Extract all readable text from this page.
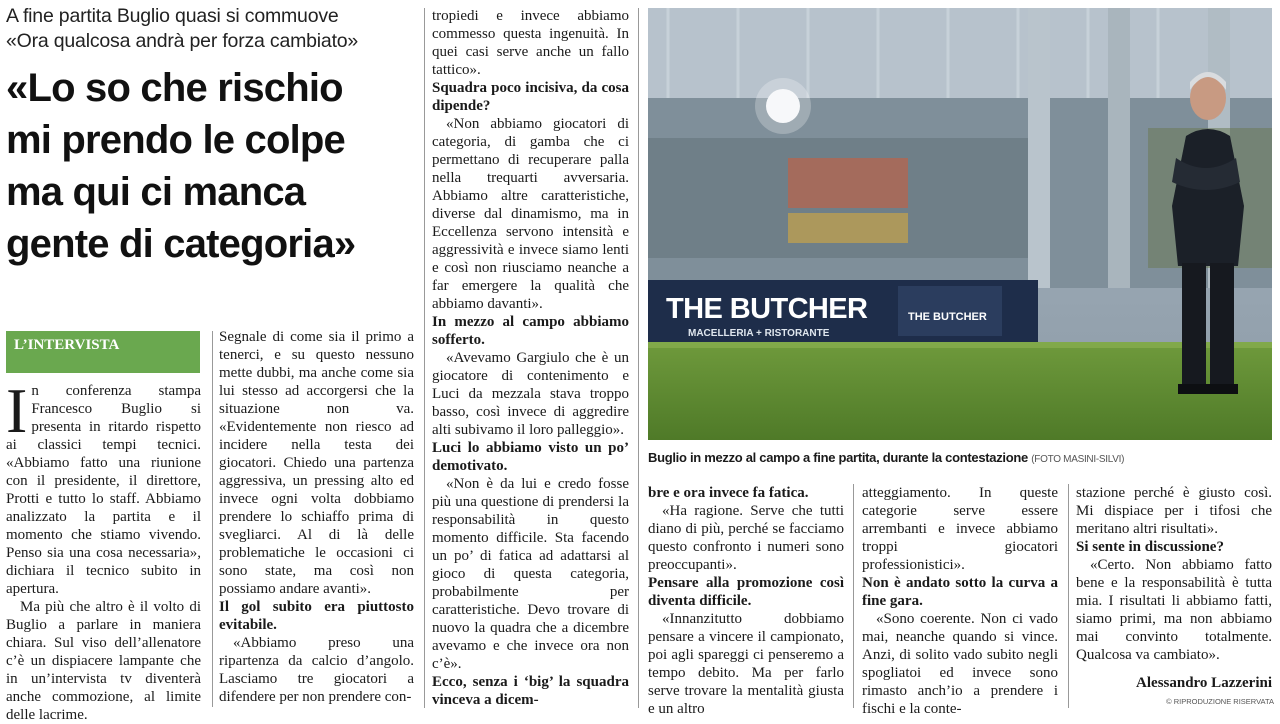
A fine partita Buglio quasi si commuove
«Ora qualcosa andrà per forza cambiato»
«Lo so che rischio
mi prendo le colpe
ma qui ci manca
gente di categoria»
L’INTERVISTA

In conferenza stampa Francesco Buglio si presenta in ritardo rispetto ai classici tempi tecnici. «Abbiamo fatto una riunione con il presidente, il direttore, Protti e tutto lo staff. Abbiamo analizzato la partita e il momento che stiamo vivendo. Penso sia una cosa necessaria», dichiara il tecnico subito in apertura.

Ma più che altro è il volto di Buglio a parlare in maniera chiara. Sul viso dell’allenatore c’è un dispiacere lampante che in un’intervista tv diventerà anche commozione, al limite delle lacrime.

Segnale di come sia il primo a tenerci, e su questo nessuno mette dubbi, ma anche come sia lui stesso ad accorgersi che la situazione non va. «Evidentemente non riesco ad incidere nella testa dei giocatori. Chiedo una partenza aggressiva, un pressing alto ed invece ogni volta dobbiamo prendere lo schiaffo prima di svegliarci. Al di là delle problematiche le occasioni ci sono state, ma così non possiamo andare avanti».

Il gol subito era piuttosto evitabile.

«Abbiamo preso una ripartenza da calcio d’angolo. Lasciamo tre giocatori a difendere per non prendere con-

tropiedi e invece abbiamo commesso questa ingenuità. In quei casi serve anche un fallo tattico».

Squadra poco incisiva, da cosa dipende?

«Non abbiamo giocatori di categoria, di gamba che ci permettano di recuperare palla nella trequarti avversaria. Abbiamo altre caratteristiche, diverse dal dinamismo, ma in Eccellenza servono intensità e aggressività e invece siamo lenti e così non riusciamo neanche a far emergere la qualità che abbiamo davanti».

In mezzo al campo abbiamo sofferto.

«Avevamo Gargiulo che è un giocatore di contenimento e Luci da mezzala stava troppo basso, così invece di aggredire alti subivamo il loro palleggio».

Luci lo abbiamo visto un po’ demotivato.

«Non è da lui e credo fosse più una questione di prendersi la responsabilità in questo momento difficile. Sta facendo un po’ di fatica ad adattarsi al gioco di questa categoria, probabilmente per caratteristiche. Devo trovare di nuovo la quadra che a dicembre avevamo e che invece ora non c’è».

Ecco, senza i ‘big’ la squadra vinceva a dicem-

bre e ora invece fa fatica.

«Ha ragione. Serve che tutti diano di più, perché se facciamo questo confronto i numeri sono preoccupanti».

Pensare alla promozione così diventa difficile.

«Innanzitutto dobbiamo pensare a vincere il campionato, poi agli spareggi ci penseremo a tempo debito. Ma per farlo serve trovare la mentalità giusta e un altro

atteggiamento. In queste categorie serve essere arrembanti e invece abbiamo troppi giocatori professionistici».

Non è andato sotto la curva a fine gara.

«Sono coerente. Non ci vado mai, neanche quando si vince. Anzi, di solito vado subito negli spogliatoi ed invece sono rimasto anch’io a prendere i fischi e la conte-

stazione perché è giusto così. Mi dispiace per i tifosi che meritano altri risultati».

Si sente in discussione?

«Certo. Non abbiamo fatto bene e la responsabilità è tutta mia. I risultati li abbiamo fatti, siamo primi, ma non abbiamo mai convinto totalmente. Qualcosa va cambiato».

Alessandro Lazzerini

THE BUTCHER
MACELLERIA + RISTORANTE
THE BUTCHER
Buglio in mezzo al campo a fine partita, durante la contestazione (FOTO MASINI-SILVI)
© RIPRODUZIONE RISERVATA
